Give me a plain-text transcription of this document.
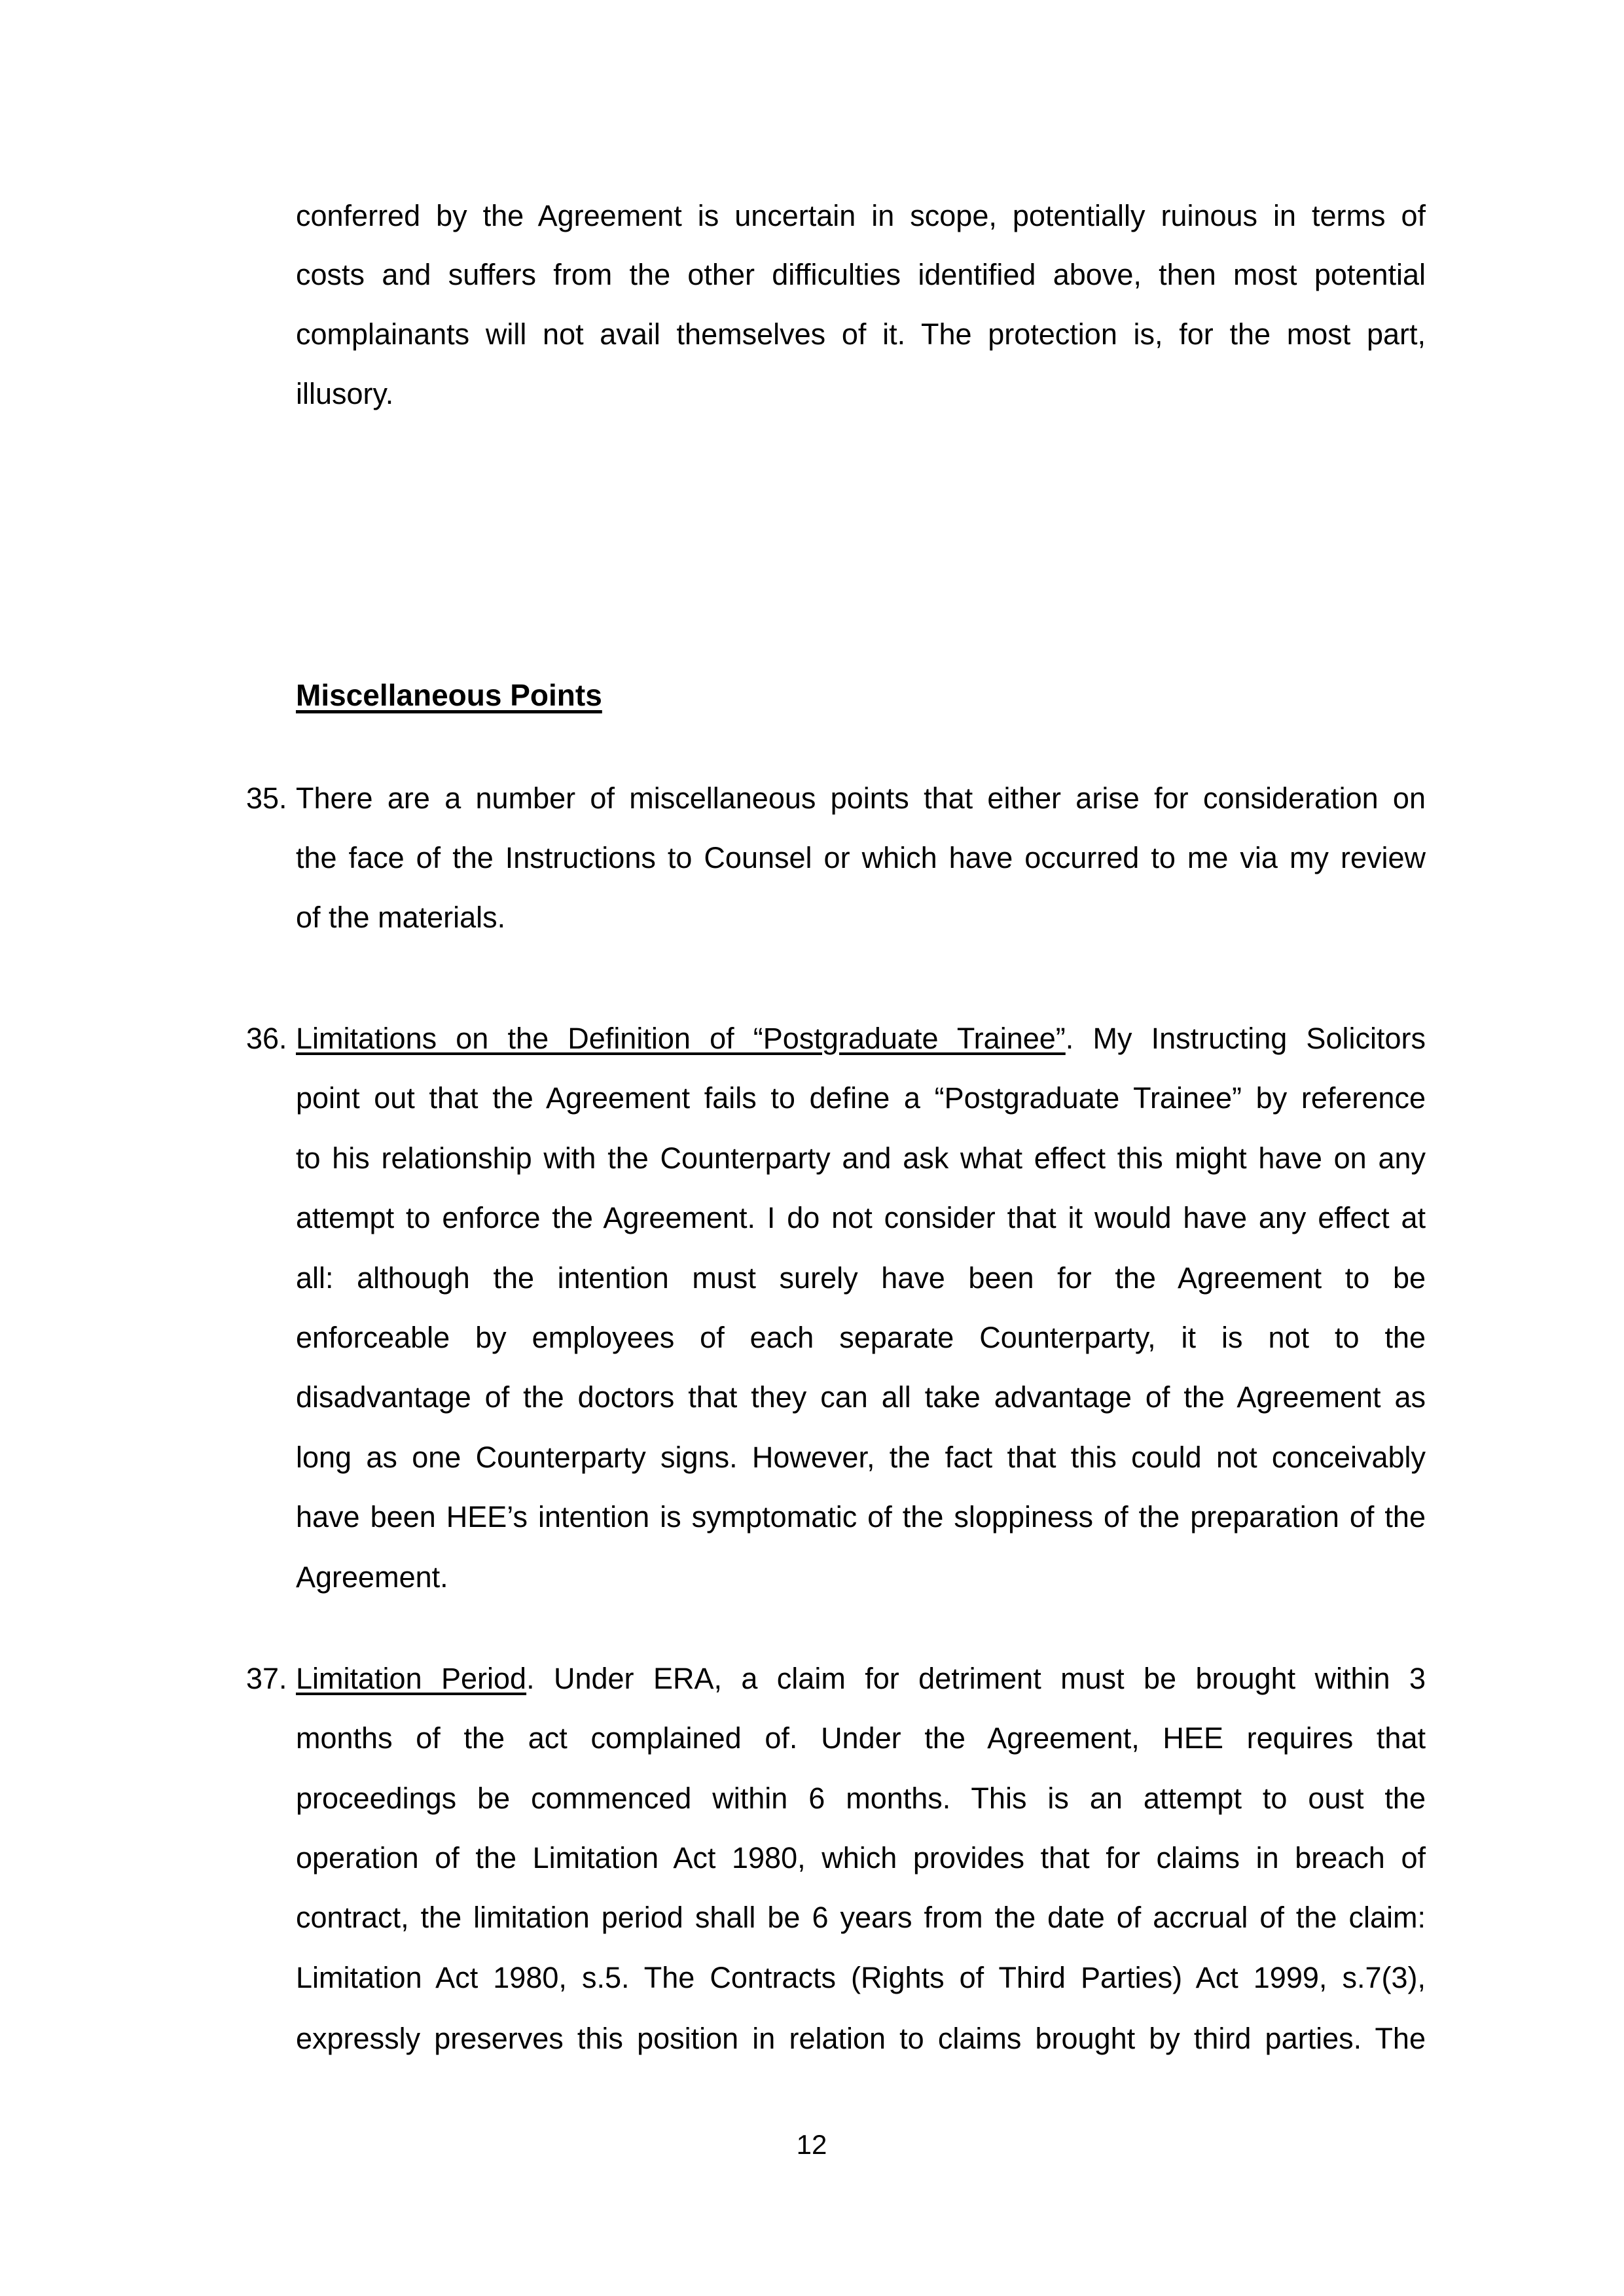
conferred by the Agreement is uncertain in scope, potentially ruinous in terms of
costs and suffers from the other difficulties identified above, then most potential
complainants will not avail themselves of it. The protection is, for the most part,
illusory.
Miscellaneous Points
35. There are a number of miscellaneous points that either arise for consideration on
the face of the Instructions to Counsel or which have occurred to me via my review
of the materials.
36. Limitations on the Definition of “Postgraduate Trainee”. My Instructing Solicitors
point out that the Agreement fails to define a “Postgraduate Trainee” by reference
to his relationship with the Counterparty and ask what effect this might have on any
attempt to enforce the Agreement. I do not consider that it would have any effect at
all: although the intention must surely have been for the Agreement to be
enforceable by employees of each separate Counterparty, it is not to the
disadvantage of the doctors that they can all take advantage of the Agreement as
long as one Counterparty signs. However, the fact that this could not conceivably
have been HEE’s intention is symptomatic of the sloppiness of the preparation of the
Agreement.
37. Limitation Period. Under ERA, a claim for detriment must be brought within 3
months of the act complained of. Under the Agreement, HEE requires that
proceedings be commenced within 6 months. This is an attempt to oust the
operation of the Limitation Act 1980, which provides that for claims in breach of
contract, the limitation period shall be 6 years from the date of accrual of the claim:
Limitation Act 1980, s.5. The Contracts (Rights of Third Parties) Act 1999, s.7(3),
expressly preserves this position in relation to claims brought by third parties. The
12
